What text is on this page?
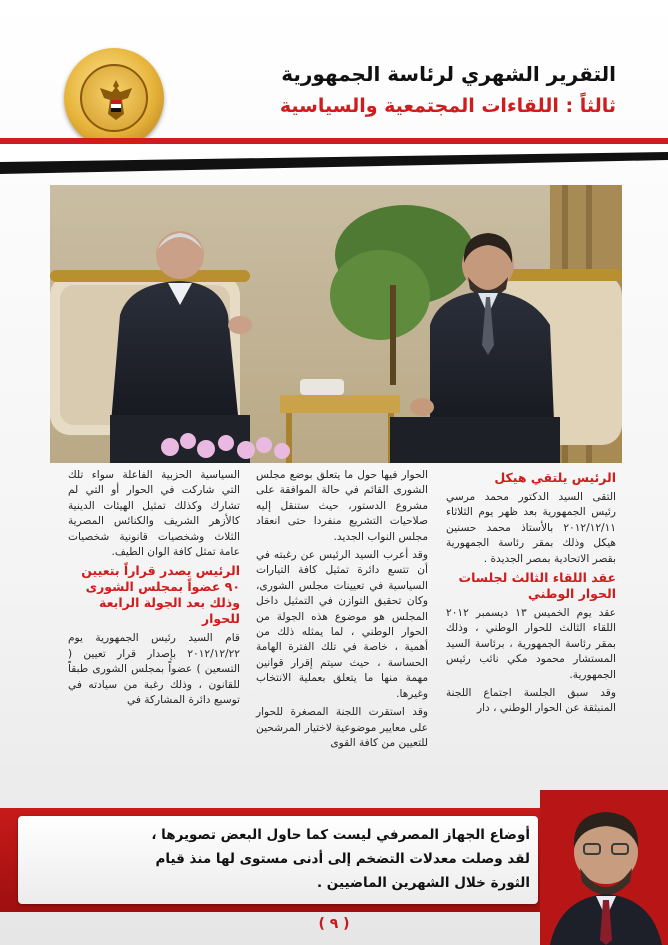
التقرير الشهري لرئاسة الجمهورية
ثالثاً : اللقاءات المجتمعية والسياسية
الرئيس يلتقي هيكل

التقى السيد الدكتور محمد مرسي رئيس الجمهورية بعد ظهر يوم الثلاثاء ٢٠١٢/١٢/١١ بالأستاذ محمد حسنين هيكل وذلك بمقر رئاسة الجمهورية بقصر الاتحادية بمصر الجديدة .

عقد اللقاء الثالث لجلسات الحوار الوطني

عقد يوم الخميس ١٣ ديسمبر ٢٠١٢ اللقاء الثالث للحوار الوطني ، وذلك بمقر رئاسة الجمهورية ، برئاسة السيد المستشار محمود مكي نائب رئيس الجمهورية.

وقد سبق الجلسة اجتماع اللجنة المنبثقة عن الحوار الوطني ، دار

الحوار فيها حول ما يتعلق بوضع مجلس الشورى القائم في حالة الموافقة على مشروع الدستور، حيث ستنقل إليه صلاحيات التشريع منفردا حتى انعقاد مجلس النواب الجديد.

وقد أعرب السيد الرئيس عن رغبته في أن تتسع دائرة تمثيل كافة التيارات السياسية في تعيينات مجلس الشورى، وكان تحقيق التوازن في التمثيل داخل المجلس هو موضوع هذه الجولة من الحوار الوطني ، لما يمثله ذلك من أهمية ، خاصة في تلك الفترة الهامة الحساسة ، حيث سيتم إقرار قوانين مهمة منها ما يتعلق بعملية الانتخاب وغيرها.

وقد استقرت اللجنة المصغرة للحوار على معايير موضوعية لاختيار المرشحين للتعيين من كافة القوى

السياسية الحزبية الفاعلة سواء تلك التي شاركت في الحوار أو التي لم تشارك وكذلك تمثيل الهيئات الدينية كالأزهر الشريف والكنائس المصرية الثلاث وشخصيات قانونية شخصيات عامة تمثل كافة الوان الطيف.

الرئيس يصدر قراراً بتعيين ٩٠ عضواً بمجلس الشورى وذلك بعد الجولة الرابعة للحوار

قام السيد رئيس الجمهورية يوم ٢٠١٢/١٢/٢٢ بإصدار قرار تعيين ( التسعين ) عضواً بمجلس الشورى طبقاً للقانون ، وذلك رغبة من سيادته في توسيع دائرة المشاركة في

أوضاع الجهاز المصرفي ليست كما حاول البعض تصويرها ، لقد وصلت معدلات التضخم إلى أدنى مستوى لها منذ قيام الثورة خلال الشهرين الماضيين .
( ٩ )
